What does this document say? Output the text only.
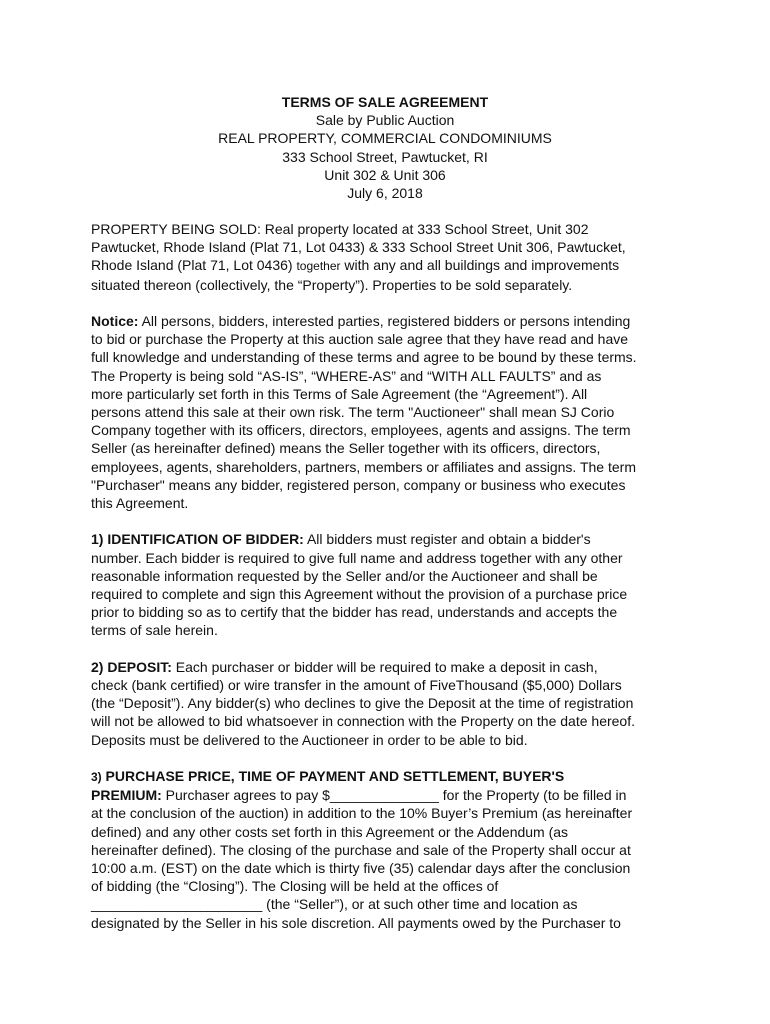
TERMS OF SALE AGREEMENT
Sale by Public Auction
REAL PROPERTY, COMMERCIAL CONDOMINIUMS
333 School Street, Pawtucket, RI
Unit 302 & Unit 306
July 6, 2018
PROPERTY BEING SOLD: Real property located at 333 School Street, Unit 302
Pawtucket, Rhode Island (Plat 71, Lot 0433) & 333 School Street Unit 306, Pawtucket,
Rhode Island (Plat 71, Lot 0436) together with any and all buildings and improvements
situated thereon (collectively, the “Property”). Properties to be sold separately.
Notice: All persons, bidders, interested parties, registered bidders or persons intending
to bid or purchase the Property at this auction sale agree that they have read and have
full knowledge and understanding of these terms and agree to be bound by these terms.
The Property is being sold “AS-IS”, “WHERE-AS” and “WITH ALL FAULTS” and as
more particularly set forth in this Terms of Sale Agreement (the “Agreement”). All
persons attend this sale at their own risk. The term "Auctioneer" shall mean SJ Corio
Company together with its officers, directors, employees, agents and assigns. The term
Seller (as hereinafter defined) means the Seller together with its officers, directors,
employees, agents, shareholders, partners, members or affiliates and assigns. The term
"Purchaser" means any bidder, registered person, company or business who executes
this Agreement.
1) IDENTIFICATION OF BIDDER: All bidders must register and obtain a bidder's
number. Each bidder is required to give full name and address together with any other
reasonable information requested by the Seller and/or the Auctioneer and shall be
required to complete and sign this Agreement without the provision of a purchase price
prior to bidding so as to certify that the bidder has read, understands and accepts the
terms of sale herein.
2) DEPOSIT: Each purchaser or bidder will be required to make a deposit in cash,
check (bank certified) or wire transfer in the amount of FiveThousand ($5,000) Dollars
(the “Deposit”). Any bidder(s) who declines to give the Deposit at the time of registration
will not be allowed to bid whatsoever in connection with the Property on the date hereof.
Deposits must be delivered to the Auctioneer in order to be able to bid.
3) PURCHASE PRICE, TIME OF PAYMENT AND SETTLEMENT, BUYER'S
PREMIUM: Purchaser agrees to pay $______________ for the Property (to be filled in
at the conclusion of the auction) in addition to the 10% Buyer’s Premium (as hereinafter
defined) and any other costs set forth in this Agreement or the Addendum (as
hereinafter defined). The closing of the purchase and sale of the Property shall occur at
10:00 a.m. (EST) on the date which is thirty five (35) calendar days after the conclusion
of bidding (the “Closing”). The Closing will be held at the offices of
______________________ (the “Seller”), or at such other time and location as
designated by the Seller in his sole discretion. All payments owed by the Purchaser to
